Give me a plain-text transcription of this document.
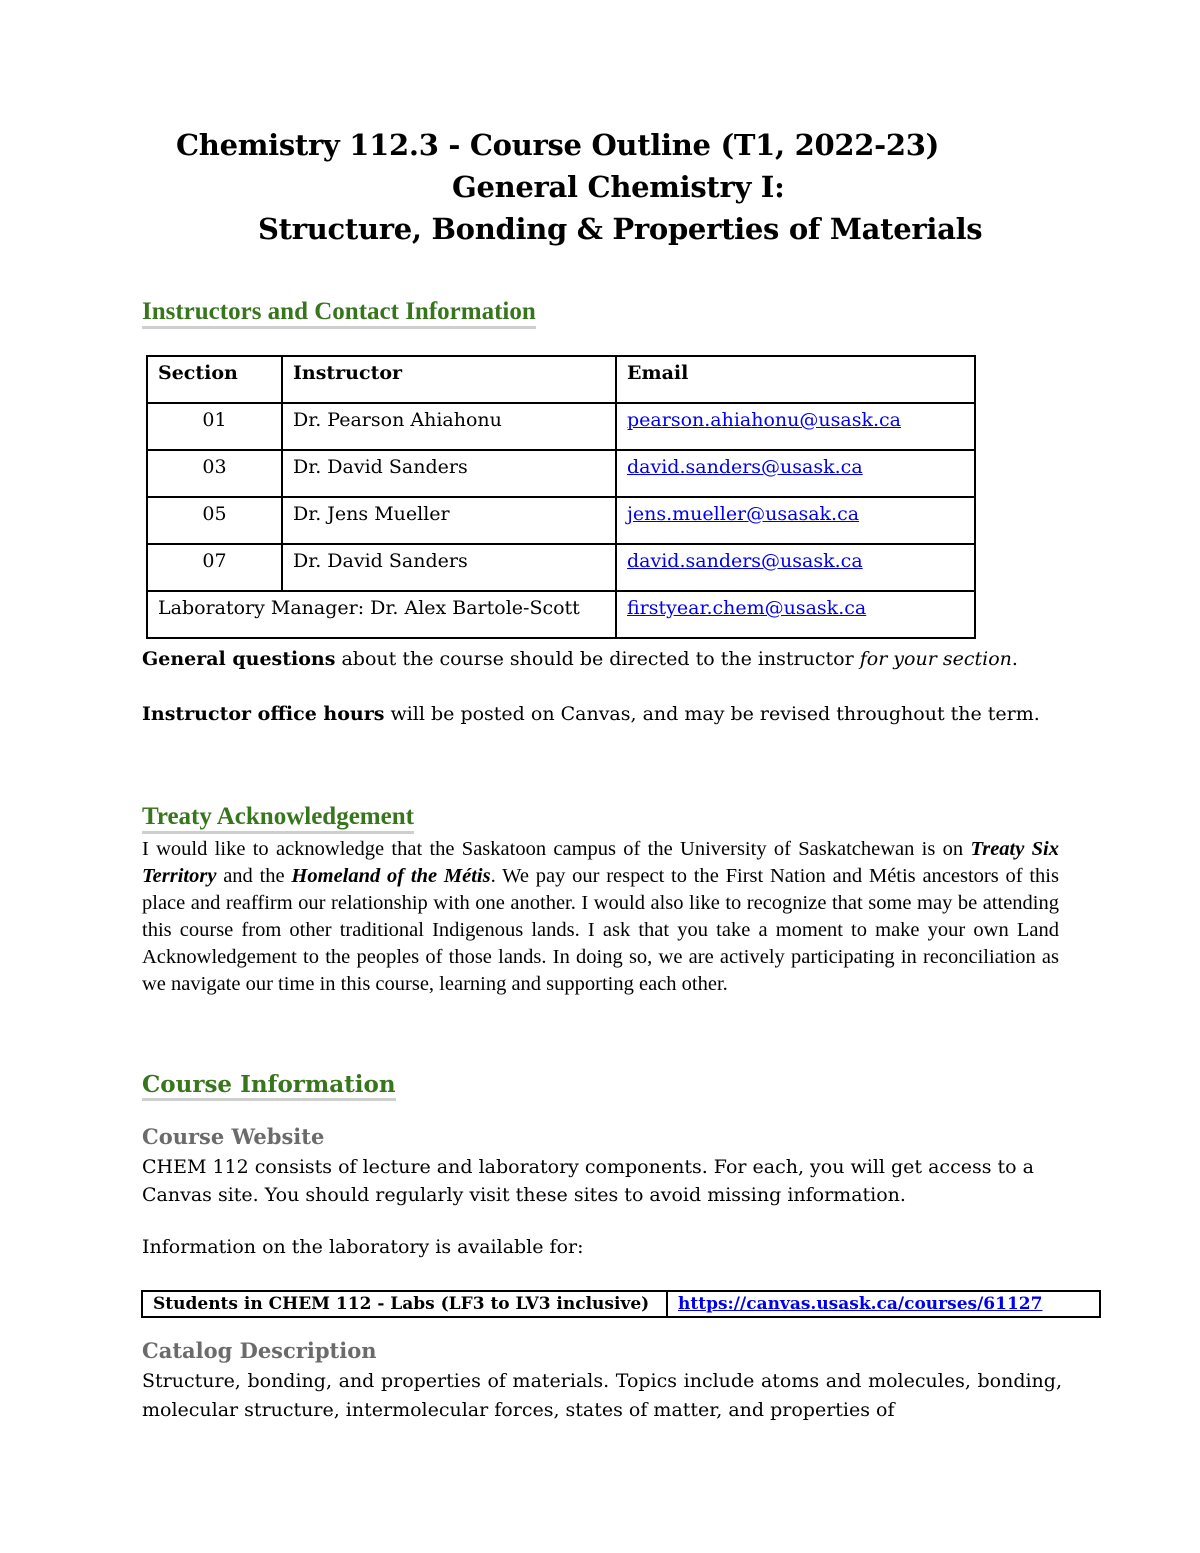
Chemistry 112.3 - Course Outline (T1, 2022-23)
General Chemistry I:
Structure, Bonding & Properties of Materials
Instructors and Contact Information
Section	Instructor	Email
01	Dr. Pearson Ahiahonu	pearson.ahiahonu@usask.ca
03	Dr. David Sanders	david.sanders@usask.ca
05	Dr. Jens Mueller	jens.mueller@usasak.ca
07	Dr. David Sanders	david.sanders@usask.ca
Laboratory Manager: Dr. Alex Bartole-Scott		firstyear.chem@usask.ca
General questions about the course should be directed to the instructor for your section.
Instructor office hours will be posted on Canvas, and may be revised throughout the term.
Treaty Acknowledgement
I would like to acknowledge that the Saskatoon campus of the University of Saskatchewan is on Treaty Six Territory and the Homeland of the Métis. We pay our respect to the First Nation and Métis ancestors of this place and reaffirm our relationship with one another. I would also like to recognize that some may be attending this course from other traditional Indigenous lands. I ask that you take a moment to make your own Land Acknowledgement to the peoples of those lands. In doing so, we are actively participating in reconciliation as we navigate our time in this course, learning and supporting each other.
Course Information
Course Website
CHEM 112 consists of lecture and laboratory components. For each, you will get access to a Canvas site. You should regularly visit these sites to avoid missing information.
Information on the laboratory is available for:
Students in CHEM 112 - Labs (LF3 to LV3 inclusive)	https://canvas.usask.ca/courses/61127
Catalog Description
Structure, bonding, and properties of materials. Topics include atoms and molecules, bonding, molecular structure, intermolecular forces, states of matter, and properties of
